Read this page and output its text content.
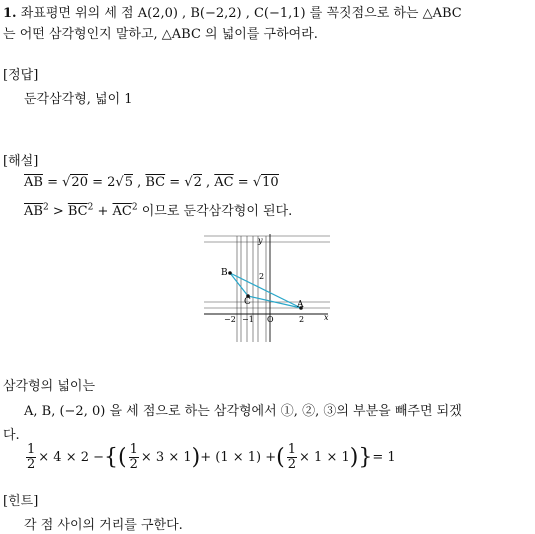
1. 좌표평면 위의 세 점 A(2,0) , B(−2,2) , C(−1,1) 를 꼭짓점으로 하는 △ABC
는 어떤 삼각형인지 말하고, △ABC 의 넓이를 구하여라.
[정답]
둔각삼각형, 넓이 1
[해설]
$\overline{AB} = √20 = 2√5$ , $\overline{BC} = √2$ , $\overline{AC} = √10$
$\overline{AB}^2 > \overline{BC}^2 + \overline{AC}^2$ 이므로 둔각삼각형이 된다.
y
x
B
A
C
2
−2 −1 O	2
삼각형의 넓이는
A, B, (−2, 0) 을 세 점으로 하는 삼각형에서 ①, ②, ③의 부분을 빼주면 되겠
다.
$\frac{1}{2} \times 4 \times 2$ − { ( $\frac{1}{2} \times 3 \times 1$ ) + (1 × 1) + ( $\frac{1}{2} \times 1 \times 1$ ) } = 1
[힌트]
각 점 사이의 거리를 구한다.
